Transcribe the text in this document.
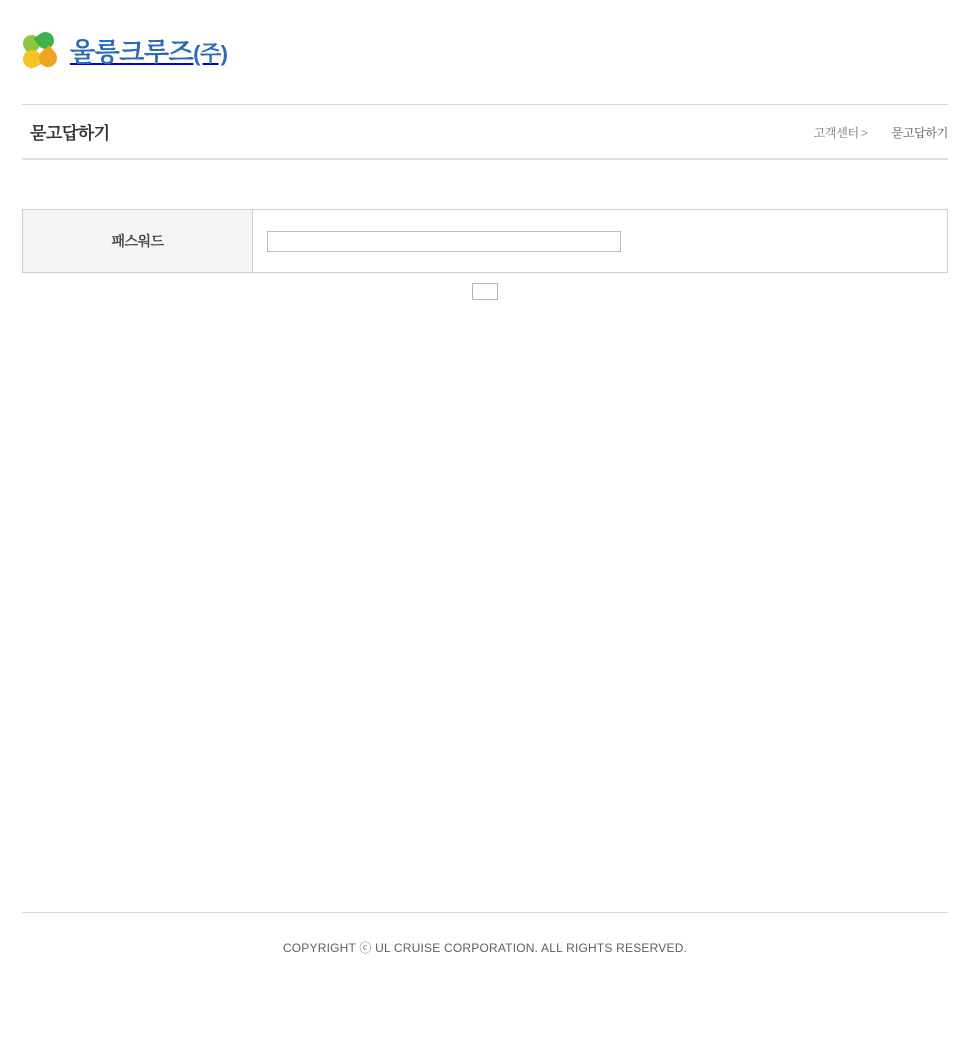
울릉크루즈(주)
묻고답하기	고객센터 > 묻고답하기
패스워드
COPYRIGHT ⓒ UL CRUISE CORPORATION. ALL RIGHTS RESERVED.
